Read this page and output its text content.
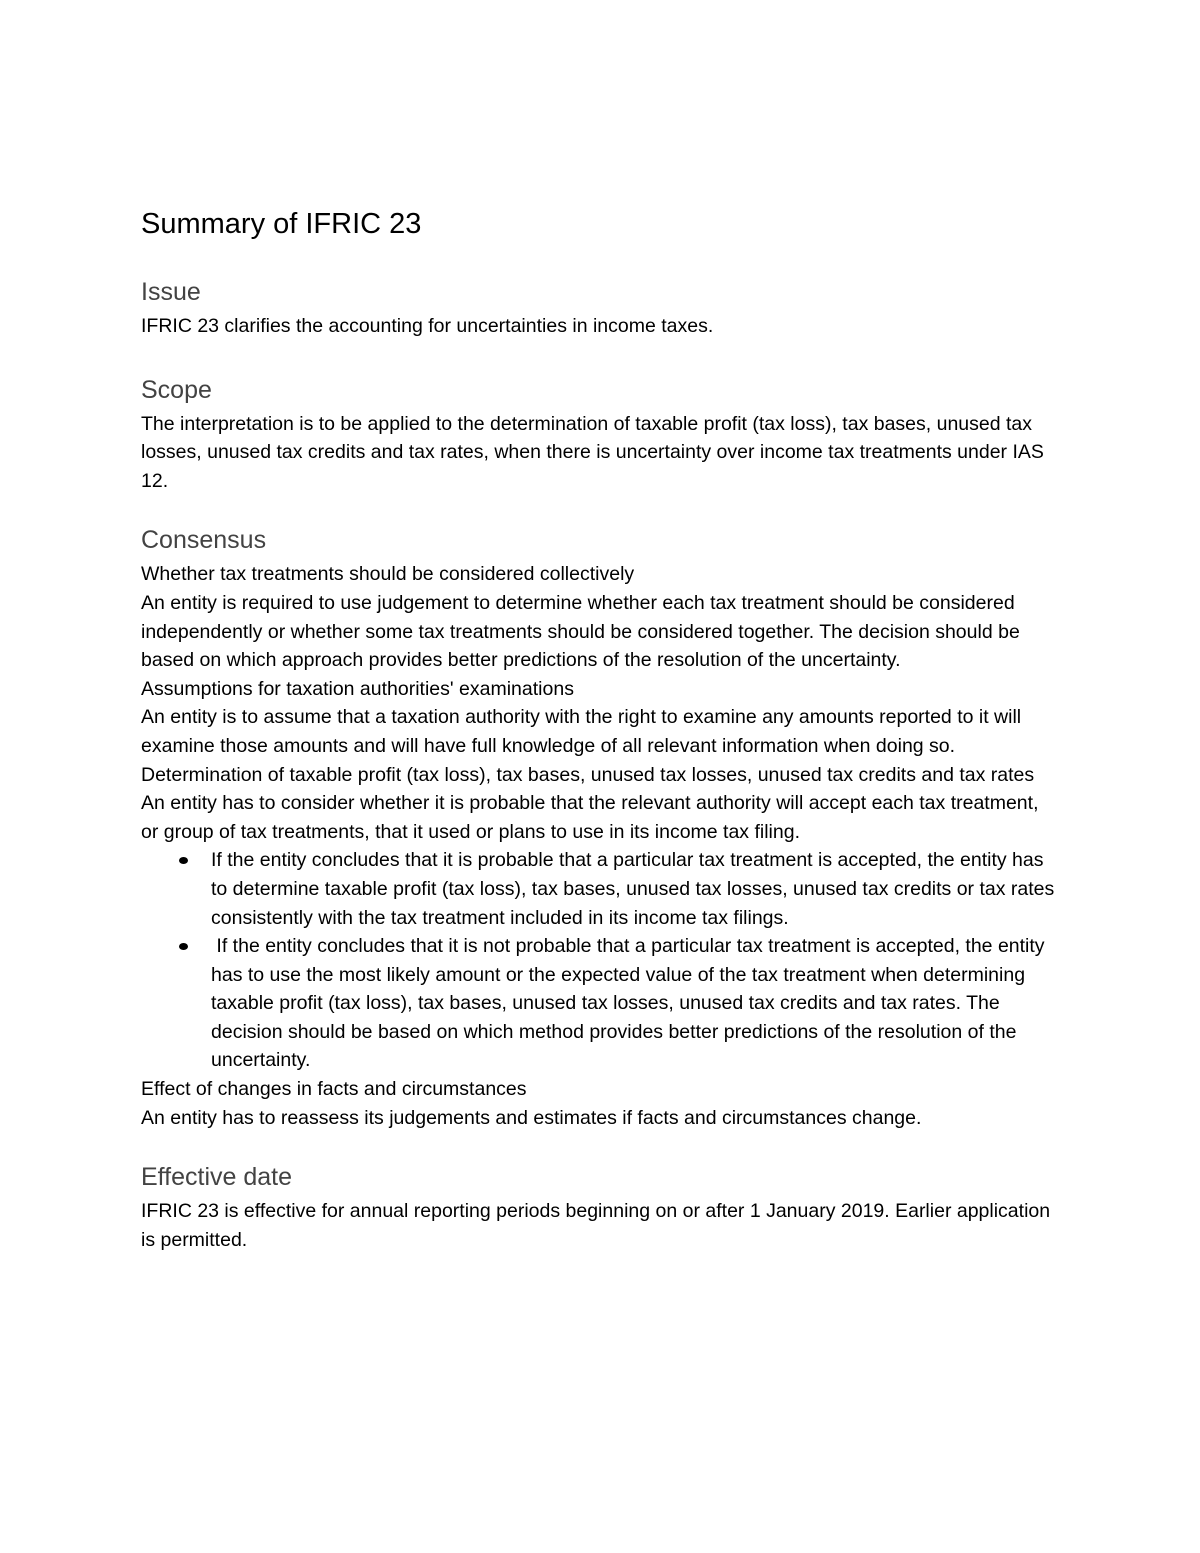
Summary of IFRIC 23
Issue

IFRIC 23 clarifies the accounting for uncertainties in income taxes.

Scope

The interpretation is to be applied to the determination of taxable profit (tax loss), tax bases, unused tax losses, unused tax credits and tax rates, when there is uncertainty over income tax treatments under IAS 12.

Consensus

Whether tax treatments should be considered collectively

An entity is required to use judgement to determine whether each tax treatment should be considered independently or whether some tax treatments should be considered together. The decision should be based on which approach provides better predictions of the resolution of the uncertainty.

Assumptions for taxation authorities' examinations

An entity is to assume that a taxation authority with the right to examine any amounts reported to it will examine those amounts and will have full knowledge of all relevant information when doing so.

Determination of taxable profit (tax loss), tax bases, unused tax losses, unused tax credits and tax rates

An entity has to consider whether it is probable that the relevant authority will accept each tax treatment, or group of tax treatments, that it used or plans to use in its income tax filing.

If the entity concludes that it is probable that a particular tax treatment is accepted, the entity has to determine taxable profit (tax loss), tax bases, unused tax losses, unused tax credits or tax rates consistently with the tax treatment included in its income tax filings.
If the entity concludes that it is not probable that a particular tax treatment is accepted, the entity has to use the most likely amount or the expected value of the tax treatment when determining taxable profit (tax loss), tax bases, unused tax losses, unused tax credits and tax rates. The decision should be based on which method provides better predictions of the resolution of the uncertainty.

Effect of changes in facts and circumstances

An entity has to reassess its judgements and estimates if facts and circumstances change.

Effective date

IFRIC 23 is effective for annual reporting periods beginning on or after 1 January 2019. Earlier application is permitted.
